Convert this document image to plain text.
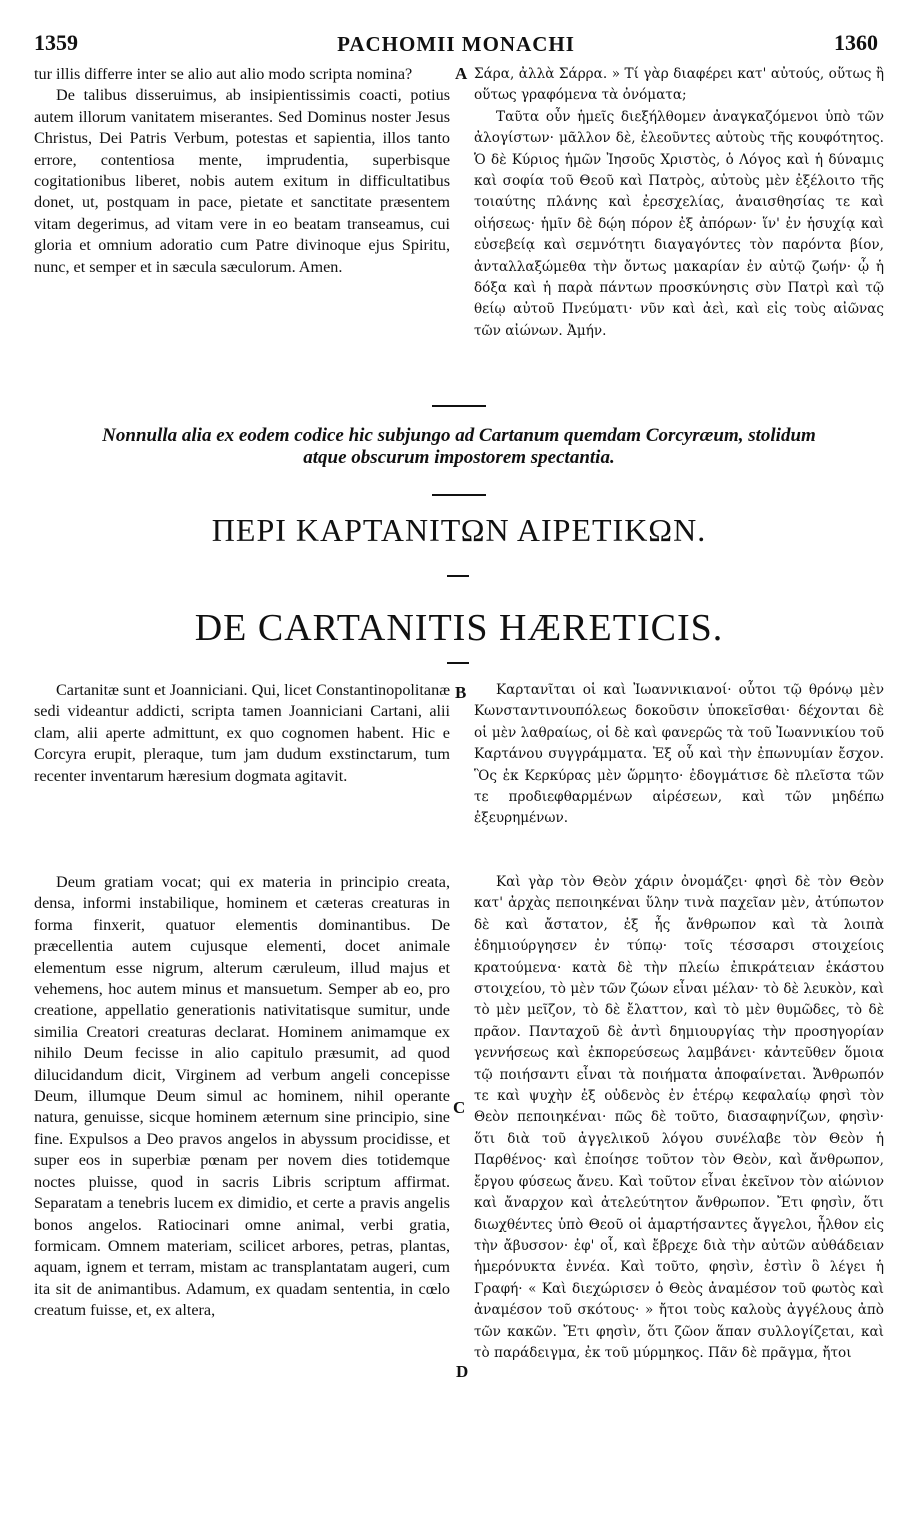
1359	PACHOMII MONACHI	1360

tur illis differre inter se alio aut alio modo scripta nomina?

De talibus disseruimus, ab insipientissimis coacti, potius autem illorum vanitatem miserantes. Sed Dominus noster Jesus Christus, Dei Patris Verbum, potestas et sapientia, illos tanto errore, contentiosa mente, imprudentia, superbisque cogitationibus liberet, nobis autem exitum in difficultatibus donet, ut, postquam in pace, pietate et sanctitate præsentem vitam degerimus, ad vitam vere in eo beatam transeamus, cui gloria et omnium adoratio cum Patre divinoque ejus Spiritu, nunc, et semper et in sæcula sæculorum. Amen.

A Σάρα, ἀλλὰ Σάρρα. » Τί γὰρ διαφέρει κατ' αὐτούς, οὕτως ἢ οὕτως γραφόμενα τὰ ὀνόματα;

Ταῦτα οὖν ἡμεῖς διεξήλθομεν ἀναγκαζόμενοι ὑπὸ τῶν ἀλογίστων· μᾶλλον δὲ, ἐλεοῦντες αὐτοὺς τῆς κουφότητος. Ὁ δὲ Κύριος ἡμῶν Ἰησοῦς Χριστὸς, ὁ Λόγος καὶ ἡ δύναμις καὶ σοφία τοῦ Θεοῦ καὶ Πατρὸς, αὐτοὺς μὲν ἐξέλοιτο τῆς τοιαύτης πλάνης καὶ ἐρεσχελίας, ἀναισθησίας τε καὶ οἰήσεως· ἡμῖν δὲ δῴη πόρον ἐξ ἀπόρων· ἵν' ἐν ἡσυχίᾳ καὶ εὐσεβείᾳ καὶ σεμνότητι διαγαγόντες τὸν παρόντα βίον, ἀνταλλαξώμεθα τὴν ὄντως μακαρίαν ἐν αὐτῷ ζωήν· ᾧ ἡ δόξα καὶ ἡ παρὰ πάντων προσκύνησις σὺν Πατρὶ καὶ τῷ θείῳ αὐτοῦ Πνεύματι· νῦν καὶ ἀεὶ, καὶ εἰς τοὺς αἰῶνας τῶν αἰώνων. Ἀμήν.

Nonnulla alia ex eodem codice hic subjungo ad Cartanum quemdam Corcyræum, stolidum
atque obscurum impostorem spectantia.
ΠΕΡΙ ΚΑΡΤΑΝΙΤΩΝ ΑΙΡΕΤΙΚΩΝ.
DE CARTANITIS HÆRETICIS.

Cartanitæ sunt et Joanniciani. Qui, licet Constantinopolitanæ sedi videantur addicti, scripta tamen Joanniciani Cartani, alii clam, alii aperte admittunt, ex quo cognomen habent. Hic e Corcyra erupit, pleraque, tum jam dudum exstinctarum, tum recenter inventarum hæresium dogmata agitavit.

B	Καρτανῖται οἱ καὶ Ἰωαννικιανοί· οὗτοι τῷ θρόνῳ μὲν Κωνσταντινουπόλεως δοκοῦσιν ὑποκεῖσθαι· δέχονται δὲ οἱ μὲν λαθραίως, οἱ δὲ καὶ φανερῶς τὰ τοῦ Ἰωαννικίου τοῦ Καρτάνου συγγράμματα. Ἐξ οὗ καὶ τὴν ἐπωνυμίαν ἔσχον. Ὃς ἐκ Κερκύρας μὲν ὥρμητο· ἐδογμάτισε δὲ πλεῖστα τῶν τε προδιεφθαρμένων αἱρέσεων, καὶ τῶν μηδέπω ἐξευρημένων.

Deum gratiam vocat; qui ex materia in principio creata, densa, informi instabilique, hominem et cæteras creaturas in forma finxerit, quatuor elementis dominantibus. De præcellentia autem cujusque elementi, docet animale elementum esse nigrum, alterum cæruleum, illud majus et vehemens, hoc autem minus et mansuetum. Semper ab eo, pro creatione, appellatio generationis nativitatisque sumitur, unde similia Creatori creaturas declarat. Hominem animamque ex nihilo Deum fecisse in alio capitulo præsumit, ad quod dilucidandum dicit, Virginem ad verbum angeli concepisse Deum, illumque Deum simul ac hominem, nihil operante natura, genuisse, sicque hominem æternum sine principio, sine fine. Expulsos a Deo pravos angelos in abyssum procidisse, et super eos in superbiæ pœnam per novem dies totidemque noctes pluisse, quod in sacris Libris scriptum affirmat. Separatam a tenebris lucem ex dimidio, et certe a pravis angelis bonos angelos. Ratiocinari omne animal, verbi gratia, formicam. Omnem materiam, scilicet arbores, petras, plantas, aquam, ignem et terram, mistam ac transplantatam augeri, cum ita sit de animantibus. Adamum, ex quadam sententia, in cœlo creatum fuisse, et, ex altera,

C
D

Καὶ γὰρ τὸν Θεὸν χάριν ὀνομάζει· φησὶ δὲ τὸν Θεὸν κατ' ἀρχὰς πεποιηκέναι ὕλην τινὰ παχεῖαν μὲν, ἀτύπωτον δὲ καὶ ἄστατον, ἐξ ἧς ἄνθρωπον καὶ τὰ λοιπὰ ἐδημιούργησεν ἐν τύπῳ· τοῖς τέσσαρσι στοιχείοις κρατούμενα· κατὰ δὲ τὴν πλείω ἐπικράτειαν ἑκάστου στοιχείου, τὸ μὲν τῶν ζώων εἶναι μέλαν· τὸ δὲ λευκὸν, καὶ τὸ μὲν μεῖζον, τὸ δὲ ἔλαττον, καὶ τὸ μὲν θυμῶδες, τὸ δὲ πρᾶον. Πανταχοῦ δὲ ἀντὶ δημιουργίας τὴν προσηγορίαν γεννήσεως καὶ ἐκπορεύσεως λαμβάνει· κἀντεῦθεν ὅμοια τῷ ποιήσαντι εἶναι τὰ ποιήματα ἀποφαίνεται. Ἄνθρωπόν τε καὶ ψυχὴν ἐξ οὐδενὸς ἐν ἑτέρῳ κεφαλαίῳ φησὶ τὸν Θεὸν πεποιηκέναι· πῶς δὲ τοῦτο, διασαφηνίζων, φησὶν· ὅτι διὰ τοῦ ἀγγελικοῦ λόγου συνέλαβε τὸν Θεὸν ἡ Παρθένος· καὶ ἐποίησε τοῦτον τὸν Θεὸν, καὶ ἄνθρωπον, ἔργου φύσεως ἄνευ. Καὶ τοῦτον εἶναι ἐκεῖνον τὸν αἰώνιον καὶ ἄναρχον καὶ ἀτελεύτητον ἄνθρωπον. Ἔτι φησὶν, ὅτι διωχθέντες ὑπὸ Θεοῦ οἱ ἁμαρτήσαντες ἄγγελοι, ἦλθον εἰς τὴν ἄβυσσον· ἐφ' οἷ, καὶ ἔβρεχε διὰ τὴν αὐτῶν αὐθάδειαν ἡμερόνυκτα ἐννέα. Καὶ τοῦτο, φησὶν, ἐστὶν ὃ λέγει ἡ Γραφή· « Καὶ διεχώρισεν ὁ Θεὸς ἀναμέσον τοῦ φωτὸς καὶ ἀναμέσον τοῦ σκότους· » ἤτοι τοὺς καλοὺς ἀγγέλους ἀπὸ τῶν κακῶν. Ἔτι φησὶν, ὅτι ζῶον ἅπαν συλλογίζεται, καὶ τὸ παράδειγμα, ἐκ τοῦ μύρμηκος. Πᾶν δὲ πρᾶγμα, ἤτοι
